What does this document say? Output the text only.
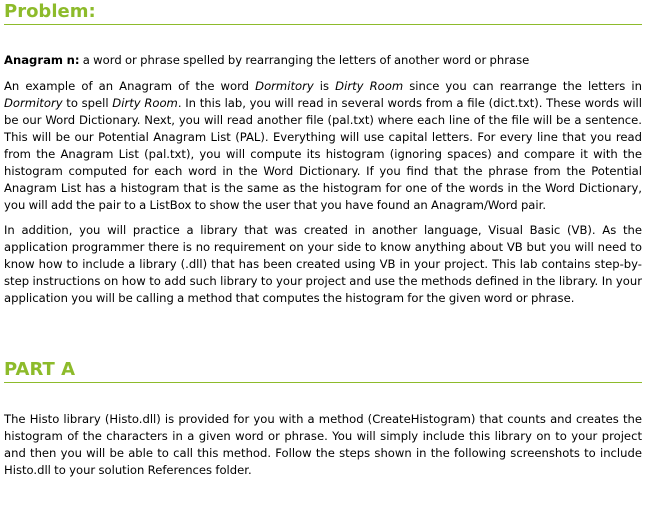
Problem:

Anagram n: a word or phrase spelled by rearranging the letters of another word or phrase

An example of an Anagram of the word Dormitory is Dirty Room since you can rearrange the letters in Dormitory to spell Dirty Room. In this lab, you will read in several words from a file (dict.txt). These words will be our Word Dictionary. Next, you will read another file (pal.txt) where each line of the file will be a sentence. This will be our Potential Anagram List (PAL). Everything will use capital letters. For every line that you read from the Anagram List (pal.txt), you will compute its histogram (ignoring spaces) and compare it with the histogram computed for each word in the Word Dictionary. If you find that the phrase from the Potential Anagram List has a histogram that is the same as the histogram for one of the words in the Word Dictionary, you will add the pair to a ListBox to show the user that you have found an Anagram/Word pair.

In addition, you will practice a library that was created in another language, Visual Basic (VB). As the application programmer there is no requirement on your side to know anything about VB but you will need to know how to include a library (.dll) that has been created using VB in your project. This lab contains step-by-step instructions on how to add such library to your project and use the methods defined in the library. In your application you will be calling a method that computes the histogram for the given word or phrase.

PART A

The Histo library (Histo.dll) is provided for you with a method (CreateHistogram) that counts and creates the histogram of the characters in a given word or phrase. You will simply include this library on to your project and then you will be able to call this method. Follow the steps shown in the following screenshots to include Histo.dll to your solution References folder.
